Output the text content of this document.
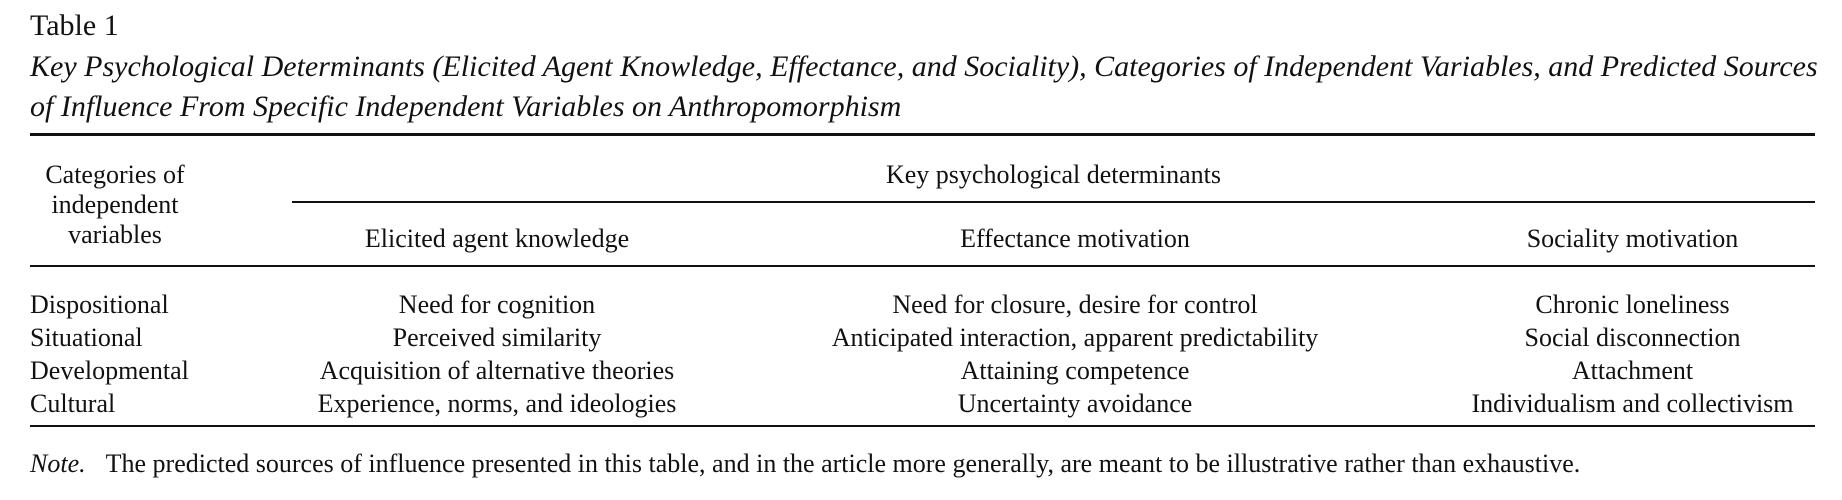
Table 1
Key Psychological Determinants (Elicited Agent Knowledge, Effectance, and Sociality), Categories of Independent Variables, and Predicted Sources of Influence From Specific Independent Variables on Anthropomorphism
Categories of
independent
variables
Key psychological determinants
Elicited agent knowledge	Effectance motivation	Sociality motivation
Dispositional	Need for cognition	Need for closure, desire for control	Chronic loneliness
Situational	Perceived similarity	Anticipated interaction, apparent predictability	Social disconnection
Developmental	Acquisition of alternative theories	Attaining competence	Attachment
Cultural	Experience, norms, and ideologies	Uncertainty avoidance	Individualism and collectivism
Note. The predicted sources of influence presented in this table, and in the article more generally, are meant to be illustrative rather than exhaustive.
